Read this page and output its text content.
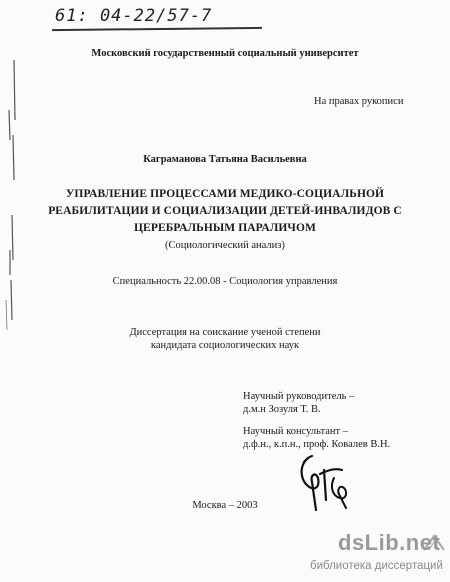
61: 04-22/57-7
Московский государственный социальный университет
На правах рукописи
Каграманова Татьяна Васильевна
УПРАВЛЕНИЕ ПРОЦЕССАМИ МЕДИКО-СОЦИАЛЬНОЙ
РЕАБИЛИТАЦИИ И СОЦИАЛИЗАЦИИ ДЕТЕЙ-ИНВАЛИДОВ С
ЦЕРЕБРАЛЬНЫМ ПАРАЛИЧОМ
(Социологический анализ)
Специальность 22.00.08 - Социология управления
Диссертация на соискание ученой степени
кандидата социологических наук
Научный руководитель –
д.м.н Зозуля Т. В.
Научный консультант –
д.ф.н., к.п.н., проф. Ковалев В.Н.
Москва – 2003
dsLib.net
библиотека диссертаций
